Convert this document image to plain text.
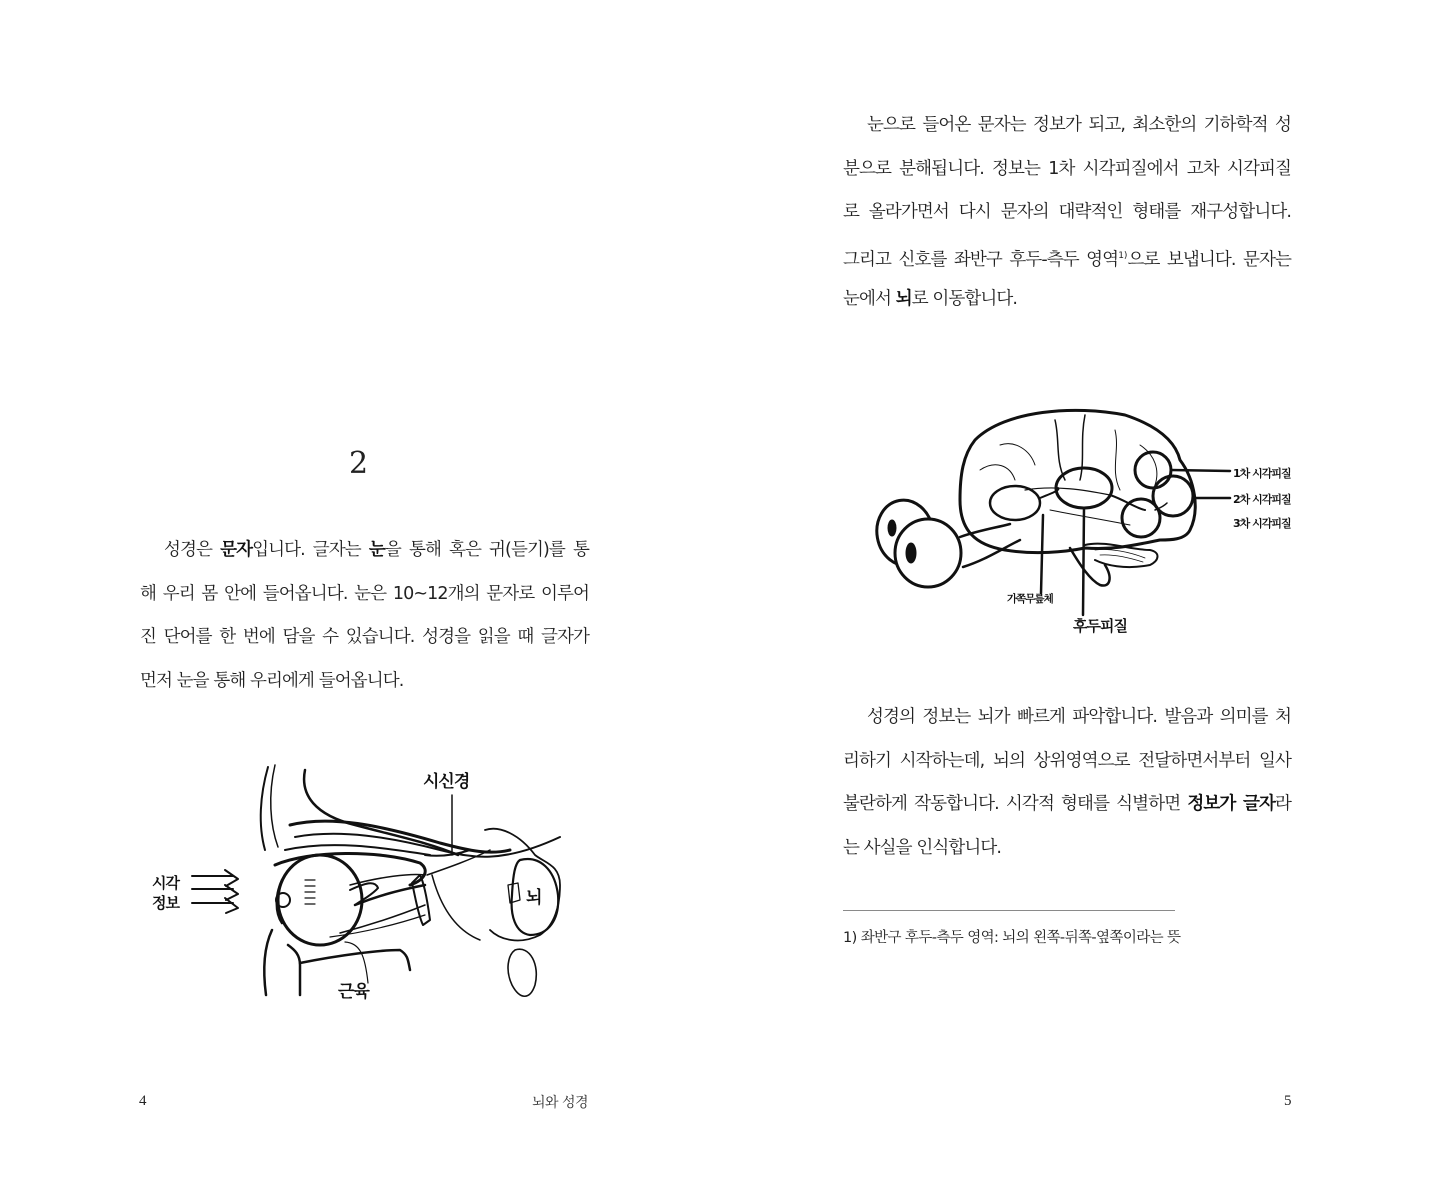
2
성경은 문자입니다. 글자는 눈을 통해 혹은 귀(듣기)를 통
해 우리 몸 안에 들어옵니다. 눈은 10~12개의 문자로 이루어
진 단어를 한 번에 담을 수 있습니다. 성경을 읽을 때 글자가
먼저 눈을 통해 우리에게 들어옵니다.
시각
정보
시신경
근육
뇌
4	뇌와 성경
눈으로 들어온 문자는 정보가 되고, 최소한의 기하학적 성
분으로 분해됩니다. 정보는 1차 시각피질에서 고차 시각피질
로 올라가면서 다시 문자의 대략적인 형태를 재구성합니다.
그리고 신호를 좌반구 후두-측두 영역$^{1)}$으로 보냅니다. 문자는
눈에서 뇌로 이동합니다.
1차 시각피질
2차 시각피질
3차 시각피질
가쪽무릎체
후두피질
성경의 정보는 뇌가 빠르게 파악합니다. 발음과 의미를 처
리하기 시작하는데, 뇌의 상위영역으로 전달하면서부터 일사
불란하게 작동합니다. 시각적 형태를 식별하면 정보가 글자라
는 사실을 인식합니다.
1) 좌반구 후두-측두 영역: 뇌의 왼쪽-뒤쪽-옆쪽이라는 뜻
5
